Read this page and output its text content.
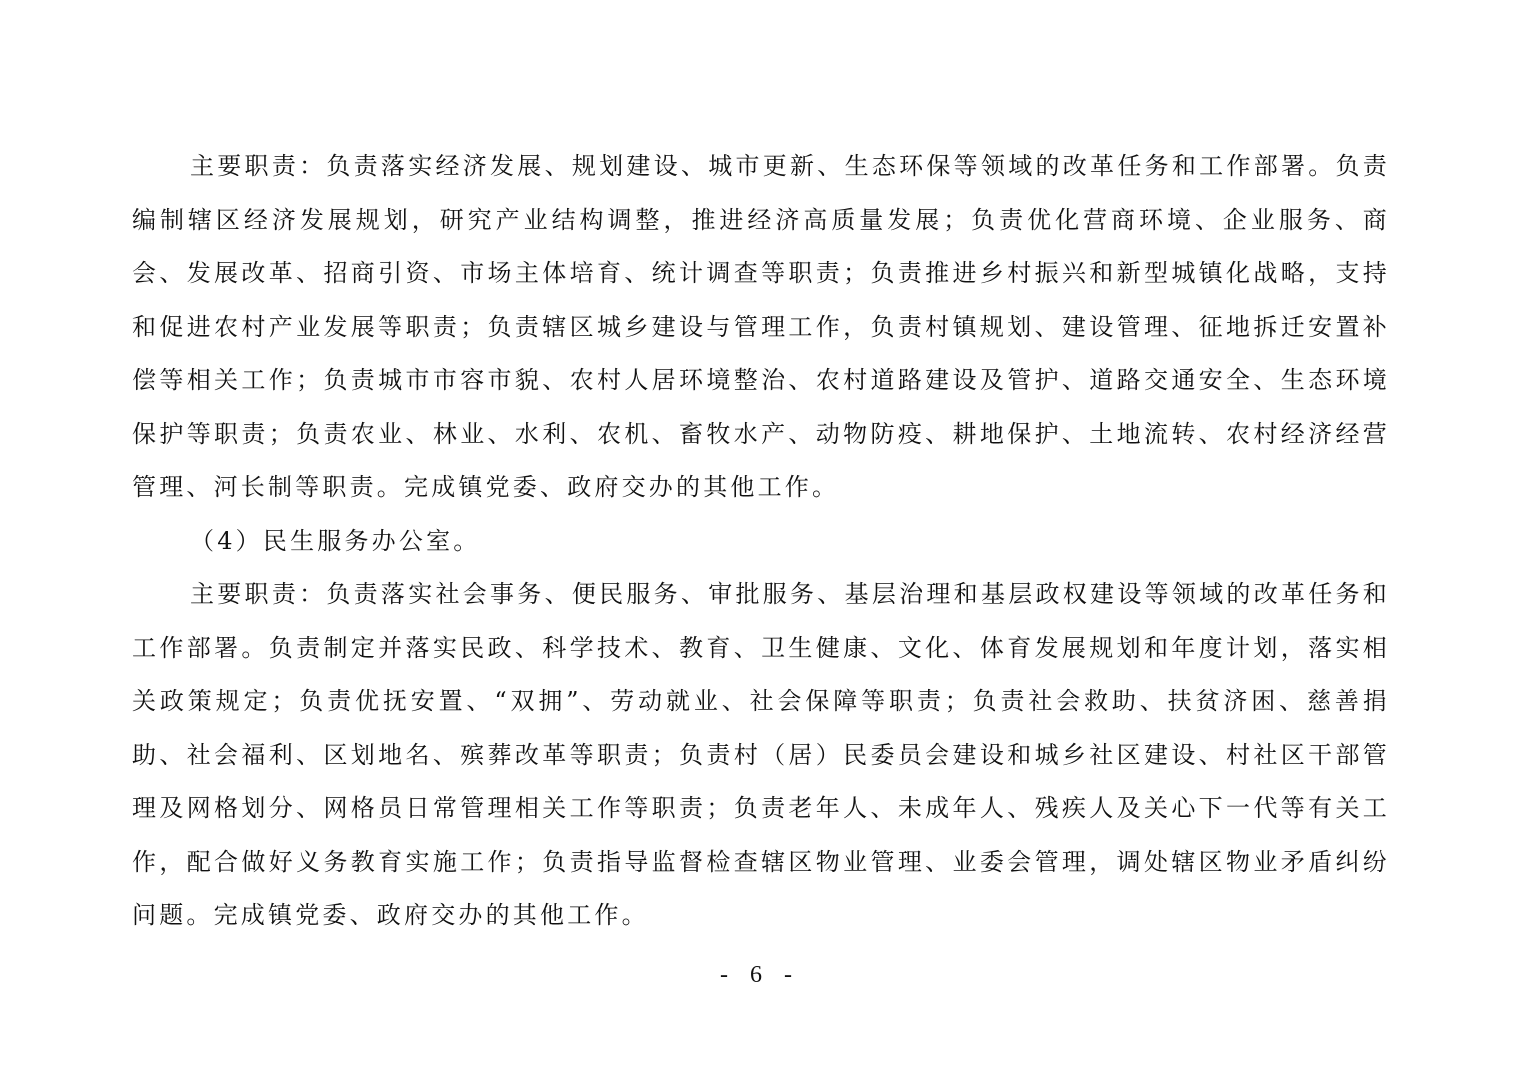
主要职责：负责落实经济发展、规划建设、城市更新、生态环保等领域的改革任务和工作部署。负责编制辖区经济发展规划，研究产业结构调整，推进经济高质量发展；负责优化营商环境、企业服务、商会、发展改革、招商引资、市场主体培育、统计调查等职责；负责推进乡村振兴和新型城镇化战略，支持和促进农村产业发展等职责；负责辖区城乡建设与管理工作，负责村镇规划、建设管理、征地拆迁安置补偿等相关工作；负责城市市容市貌、农村人居环境整治、农村道路建设及管护、道路交通安全、生态环境保护等职责；负责农业、林业、水利、农机、畜牧水产、动物防疫、耕地保护、土地流转、农村经济经营管理、河长制等职责。完成镇党委、政府交办的其他工作。

（4）民生服务办公室。

主要职责：负责落实社会事务、便民服务、审批服务、基层治理和基层政权建设等领域的改革任务和工作部署。负责制定并落实民政、科学技术、教育、卫生健康、文化、体育发展规划和年度计划，落实相关政策规定；负责优抚安置、“双拥”、劳动就业、社会保障等职责；负责社会救助、扶贫济困、慈善捐助、社会福利、区划地名、殡葬改革等职责；负责村（居）民委员会建设和城乡社区建设、村社区干部管理及网格划分、网格员日常管理相关工作等职责；负责老年人、未成年人、残疾人及关心下一代等有关工作，配合做好义务教育实施工作；负责指导监督检查辖区物业管理、业委会管理，调处辖区物业矛盾纠纷问题。完成镇党委、政府交办的其他工作。

- 6 -
